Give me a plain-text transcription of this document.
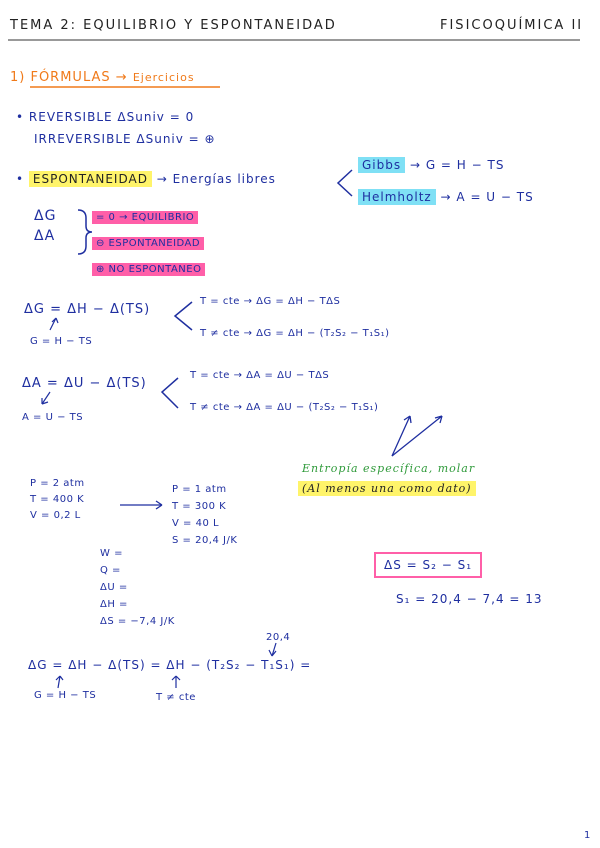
TEMA 2: EQUILIBRIO Y ESPONTANEIDAD	FISICOQUÍMICA II
1) FÓRMULAS → Ejercicios
• REVERSIBLE ΔSuniv = 0
IRREVERSIBLE ΔSuniv = ⊕
• ESPONTANEIDAD → Energías libres
Gibbs → G = H − TS
Helmholtz → A = U − TS
ΔG
ΔA
= 0 → EQUILIBRIO
⊖ ESPONTANEIDAD
⊕ NO ESPONTANEO
ΔG = ΔH − Δ(TS)
G = H − TS
T = cte → ΔG = ΔH − TΔS
T ≠ cte → ΔG = ΔH − (T₂S₂ − T₁S₁)
ΔA = ΔU − Δ(TS)
A = U − TS
T = cte → ΔA = ΔU − TΔS
T ≠ cte → ΔA = ΔU − (T₂S₂ − T₁S₁)
Entropía específica, molar
(Al menos una como dato)
P = 2 atm
T = 400 K
V = 0,2 L
P = 1 atm
T = 300 K
V = 40 L
S = 20,4 J/K
W =
Q =
ΔU =
ΔH =
ΔS = −7,4 J/K
ΔS = S₂ − S₁
S₁ = 20,4 − 7,4 = 13
20,4
ΔG = ΔH − Δ(TS) = ΔH − (T₂S₂ − T₁S₁) =
G = H − TS	T ≠ cte
1
